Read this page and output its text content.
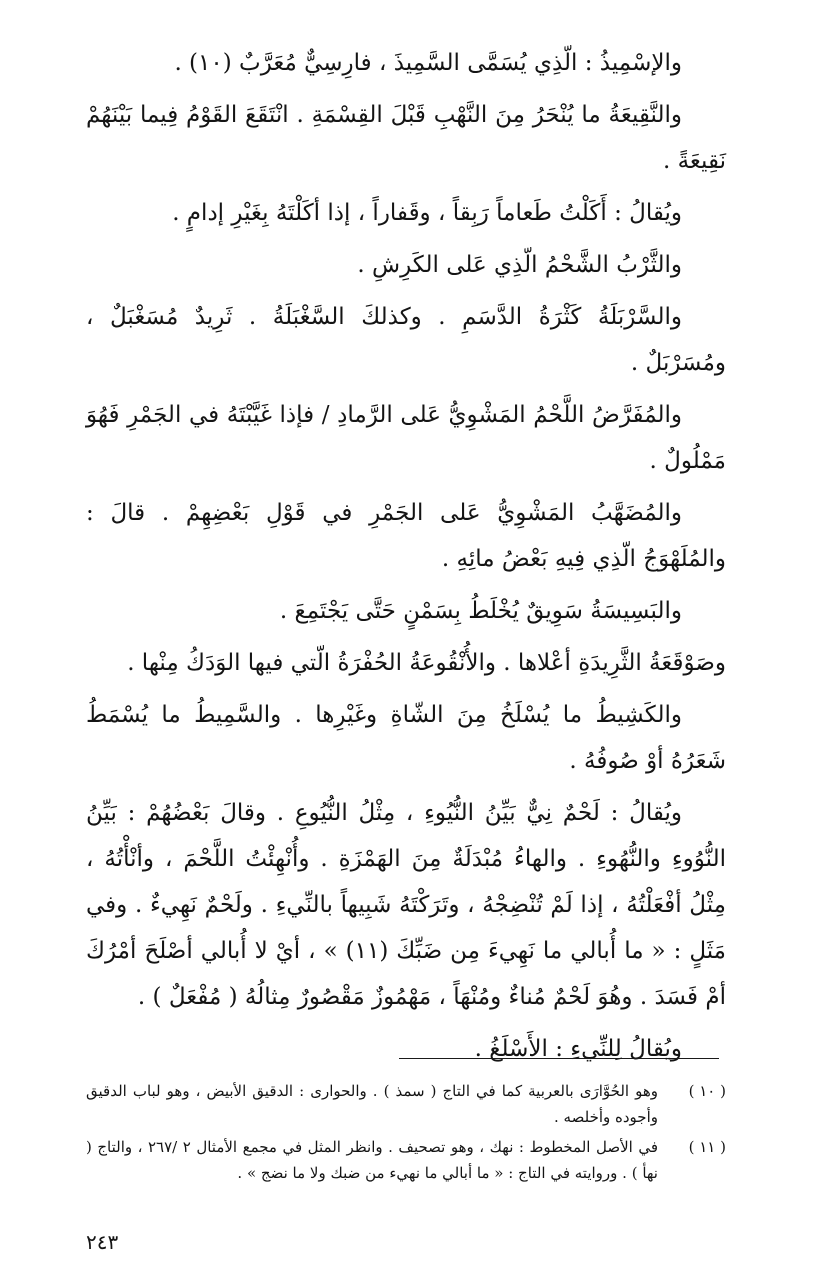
والإسْمِيذُ : الّذِي يُسَمَّى السَّمِيذَ ، فارِسِيٌّ مُعَرَّبٌ (١٠) .

والنَّقِيعَةُ ما يُنْحَرُ مِنَ النَّهْبِ قَبْلَ القِسْمَةِ . انْتَقَعَ القَوْمُ فِيما بَيْنَهُمْ نَقِيعَةً .

ويُقالُ : أَكَلْتُ طَعاماً رَبِقاً ، وقَفاراً ، إذا أكَلْتَهُ بِغَيْرِ إدامٍ .

والثَّرْبُ الشَّحْمُ الّذِي عَلى الكَرِشِ .

والسَّرْبَلَةُ كَثْرَةُ الدَّسَمِ . وكذلكَ السَّغْبَلَةُ . ثَرِيدٌ مُسَغْبَلٌ ، ومُسَرْبَلٌ .

والمُفَرَّضُ اللَّحْمُ المَشْوِيُّ عَلى الرَّمادِ / فإذا غَيَّبْتَهُ في الجَمْرِ فَهُوَ مَمْلُولٌ .

والمُضَهَّبُ المَشْوِيُّ عَلى الجَمْرِ في قَوْلِ بَعْضِهِمْ . قالَ : والمُلَهْوَجُ الّذِي فِيهِ بَعْضُ مائِهِ .

والبَسِيسَةُ سَوِيقٌ يُخْلَطُ بِسَمْنٍ حَتَّى يَجْتَمِعَ .

وصَوْقَعَةُ الثَّرِيدَةِ أعْلاها . والأُنْقُوعَةُ الحُفْرَةُ الّتي فيها الوَدَكُ مِنْها .

والكَشِيطُ ما يُسْلَخُ مِنَ الشّاةِ وغَيْرِها . والسَّمِيطُ ما يُسْمَطُ شَعَرُهُ أوْ صُوفُهُ .

ويُقالُ : لَحْمٌ نِيٌّ بَيِّنُ النُّيُوءِ ، مِثْلُ النُّيُوعِ . وقالَ بَعْضُهُمْ : بَيِّنُ النُّوُوءِ والنُّهُوءِ . والهاءُ مُبْدَلَةٌ مِنَ الهَمْزَةِ . وأُنْهِئْتُ اللَّحْمَ ، وأنْأْتُهُ ، مِثْلُ أفْعَلْتُهُ ، إذا لَمْ تُنْضِجْهُ ، وتَرَكْتَهُ شَبِيهاً بالنِّيءِ . ولَحْمٌ نَهِيءٌ . وفي مَثَلٍ : « ما أُبالي ما نَهِيءَ مِن ضَبِّكَ (١١) » ، أيْ لا أُبالي أصْلَحَ أمْرُكَ أمْ فَسَدَ . وهُوَ لَحْمٌ مُناءٌ ومُنْهَاً ، مَهْمُوزٌ مَقْصُورٌ مِثالُهُ ( مُفْعَلٌ ) .

ويُقالُ لِلنِّيءِ : الأَسْلَغُ .

( ١٠ )
وهو الحُوَّارَى بالعربية كما في التاج ( سمذ ) . والحوارى : الدقيق الأبيض ، وهو لباب الدقيق وأجوده وأخلصه .
( ١١ )
في الأصل المخطوط : نهك ، وهو تصحيف . وانظر المثل في مجمع الأمثال ٢ /٢٦٧ ، والتاج ( نهأ ) . وروايته في التاج : « ما أبالي ما نهيء من ضبك ولا ما نضج » .
٢٤٣
